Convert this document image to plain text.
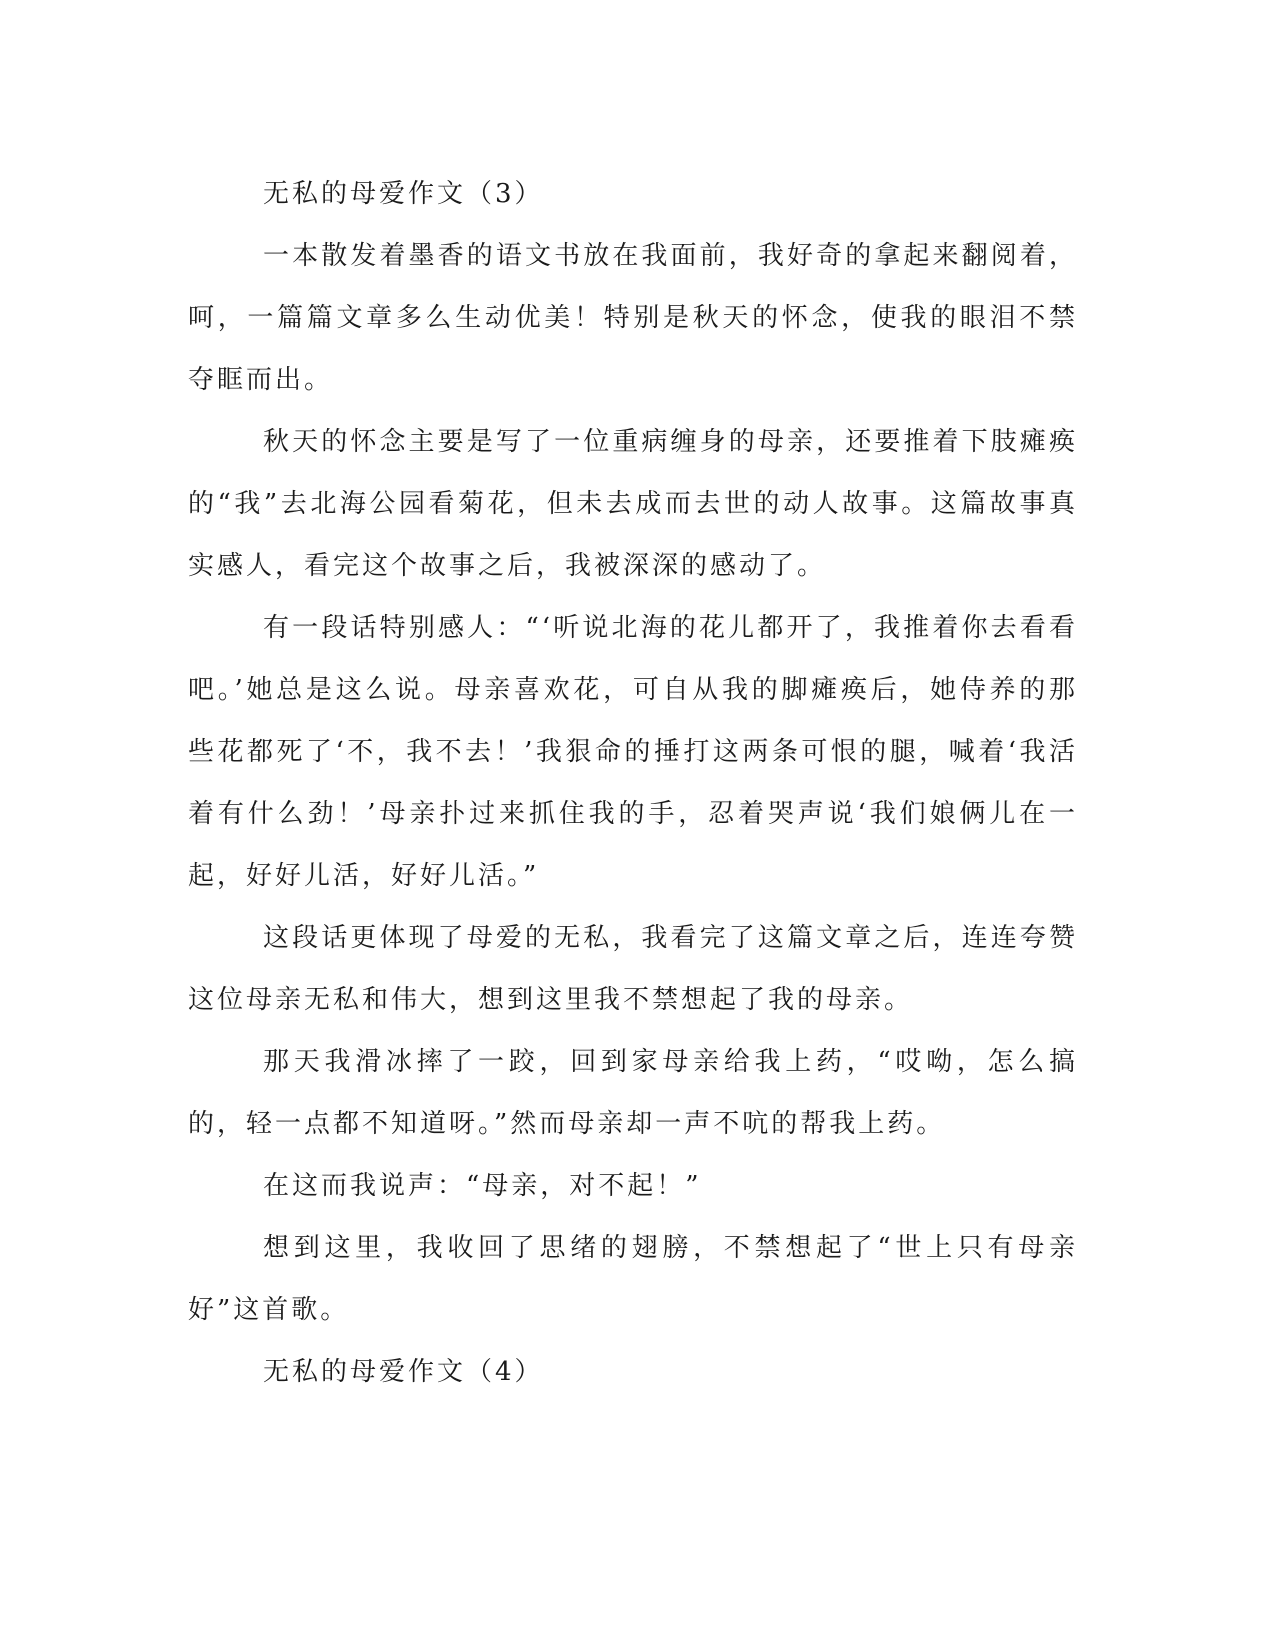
无私的母爱作文（3）

一本散发着墨香的语文书放在我面前，我好奇的拿起来翻阅着，呵，一篇篇文章多么生动优美！特别是秋天的怀念，使我的眼泪不禁夺眶而出。

秋天的怀念主要是写了一位重病缠身的母亲，还要推着下肢瘫痪的“我”去北海公园看菊花，但未去成而去世的动人故事。这篇故事真实感人，看完这个故事之后，我被深深的感动了。

有一段话特别感人：“‘听说北海的花儿都开了，我推着你去看看吧。’她总是这么说。母亲喜欢花，可自从我的脚瘫痪后，她侍养的那些花都死了‘不，我不去！’我狠命的捶打这两条可恨的腿，喊着‘我活着有什么劲！’母亲扑过来抓住我的手，忍着哭声说‘我们娘俩儿在一起，好好儿活，好好儿活。”

这段话更体现了母爱的无私，我看完了这篇文章之后，连连夸赞这位母亲无私和伟大，想到这里我不禁想起了我的母亲。

那天我滑冰摔了一跤，回到家母亲给我上药，“哎呦，怎么搞的，轻一点都不知道呀。”然而母亲却一声不吭的帮我上药。

在这而我说声：“母亲，对不起！”

想到这里，我收回了思绪的翅膀，不禁想起了“世上只有母亲好”这首歌。

无私的母爱作文（4）
